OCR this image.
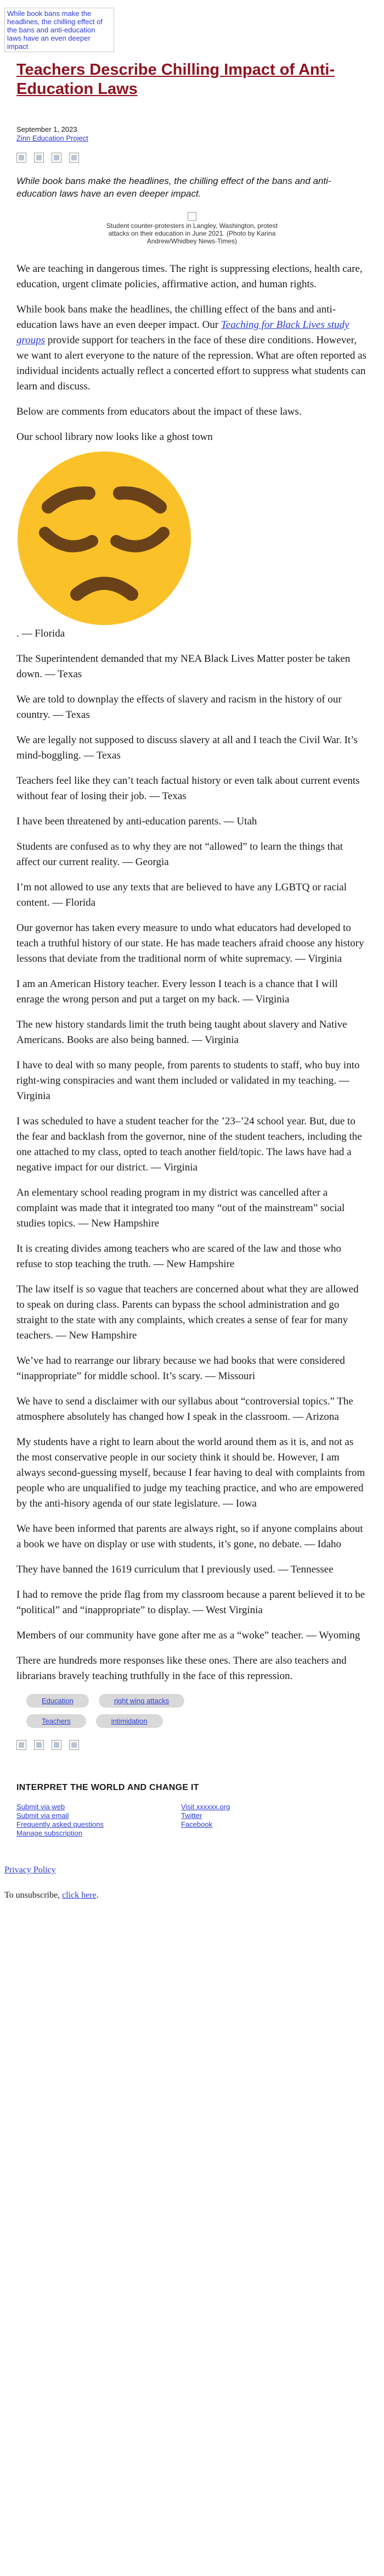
While book bans make the headlines, the chilling effect of the bans and anti-education laws have an even deeper impact
Teachers Describe Chilling Impact of Anti-Education Laws
September 1, 2023
Zinn Education Project

While book bans make the headlines, the chilling effect of the bans and anti-education laws have an even deeper impact.

Student counter-protesters in Langley, Washington, protest attacks on their education in June 2021. (Photo by Karina Andrew/Whidbey News-Times)

We are teaching in dangerous times. The right is suppressing elections, health care, education, urgent climate policies, affirmative action, and human rights.

While book bans make the headlines, the chilling effect of the bans and anti-education laws have an even deeper impact. Our Teaching for Black Lives study groups provide support for teachers in the face of these dire conditions. However, we want to alert everyone to the nature of the repression. What are often reported as individual incidents actually reflect a concerted effort to suppress what students can learn and discuss.

Below are comments from educators about the impact of these laws.

Our school library now looks like a ghost town

. — Florida

The Superintendent demanded that my NEA Black Lives Matter poster be taken down. — Texas

We are told to downplay the effects of slavery and racism in the history of our country. — Texas

We are legally not supposed to discuss slavery at all and I teach the Civil War. It’s mind-boggling. — Texas

Teachers feel like they can’t teach factual history or even talk about current events without fear of losing their job. — Texas

I have been threatened by anti-education parents. — Utah

Students are confused as to why they are not “allowed” to learn the things that affect our current reality. — Georgia

I’m not allowed to use any texts that are believed to have any LGBTQ or racial content. — Florida

Our governor has taken every measure to undo what educators had developed to teach a truthful history of our state. He has made teachers afraid choose any history lessons that deviate from the traditional norm of white supremacy. — Virginia

I am an American History teacher. Every lesson I teach is a chance that I will enrage the wrong person and put a target on my back. — Virginia

The new history standards limit the truth being taught about slavery and Native Americans. Books are also being banned. — Virginia

I have to deal with so many people, from parents to students to staff, who buy into right-wing conspiracies and want them included or validated in my teaching. — Virginia

I was scheduled to have a student teacher for the ’23–’24 school year. But, due to the fear and backlash from the governor, nine of the student teachers, including the one attached to my class, opted to teach another field/topic. The laws have had a negative impact for our district. — Virginia

An elementary school reading program in my district was cancelled after a complaint was made that it integrated too many “out of the mainstream” social studies topics. — New Hampshire

It is creating divides among teachers who are scared of the law and those who refuse to stop teaching the truth. — New Hampshire

The law itself is so vague that teachers are concerned about what they are allowed to speak on during class. Parents can bypass the school administration and go straight to the state with any complaints, which creates a sense of fear for many teachers. — New Hampshire

We’ve had to rearrange our library because we had books that were considered “inappropriate” for middle school. It’s scary. — Missouri

We have to send a disclaimer with our syllabus about “controversial topics.” The atmosphere absolutely has changed how I speak in the classroom. — Arizona

My students have a right to learn about the world around them as it is, and not as the most conservative people in our society think it should be. However, I am always second-guessing myself, because I fear having to deal with complaints from people who are unqualified to judge my teaching practice, and who are empowered by the anti-hisory agenda of our state legislature. — Iowa

We have been informed that parents are always right, so if anyone complains about a book we have on display or use with students, it’s gone, no debate. — Idaho

They have banned the 1619 curriculum that I previously used. — Tennessee

I had to remove the pride flag from my classroom because a parent believed it to be “political” and “inappropriate” to display. — West Virginia

Members of our community have gone after me as a “woke” teacher. — Wyoming

There are hundreds more responses like these ones. There are also teachers and librarians bravely teaching truthfully in the face of this repression.

Education	right wing attacks
Teachers	intimidation
INTERPRET THE WORLD AND CHANGE IT
Submit via web
Submit via email
Frequently asked questions
Manage subscription
Visit xxxxxx.org
Twitter
Facebook
Privacy Policy

To unsubscribe, click here.
